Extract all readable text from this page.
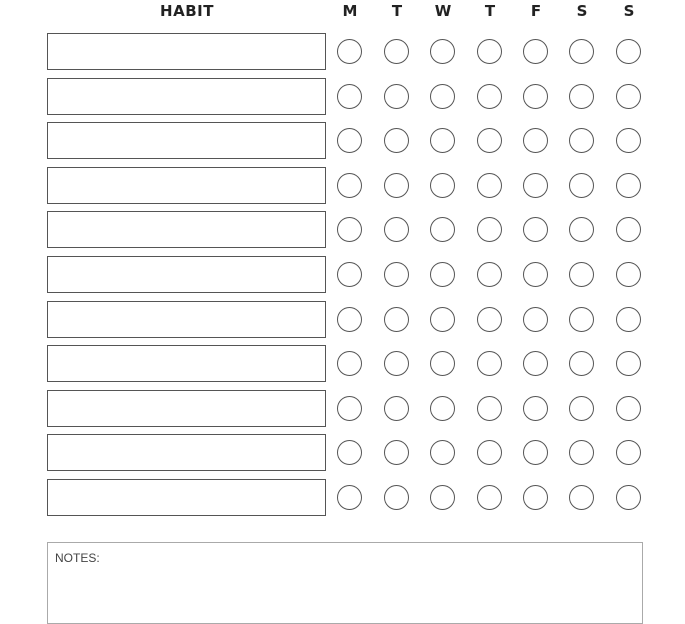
HABIT	M	T	W	T	F	S	S
NOTES:
